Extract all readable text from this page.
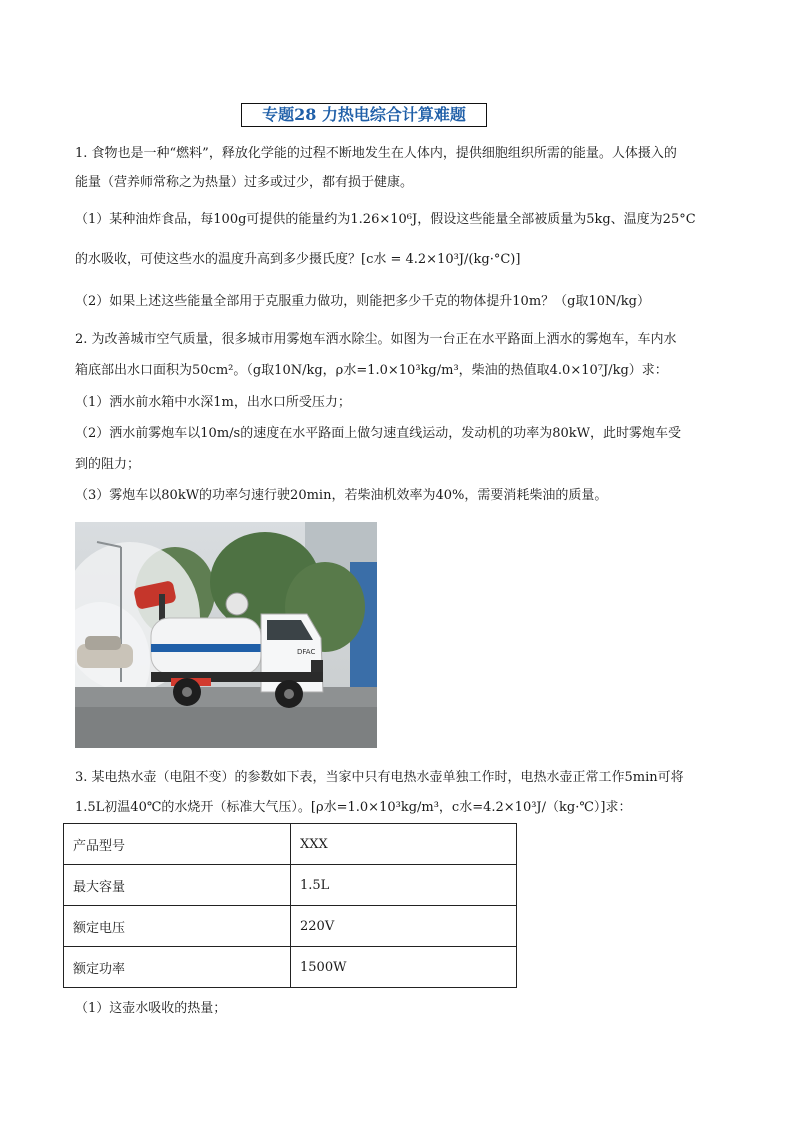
专题28 力热电综合计算难题
1. 食物也是一种“燃料”，释放化学能的过程不断地发生在人体内，提供细胞组织所需的能量。人体摄入的
能量（营养师常称之为热量）过多或过少，都有损于健康。
（1）某种油炸食品，每100g可提供的能量约为1.26×10⁶J，假设这些能量全部被质量为5kg、温度为25°C
的水吸收，可使这些水的温度升高到多少摄氏度？[c水 = 4.2×10³J/(kg·°C)]
（2）如果上述这些能量全部用于克服重力做功，则能把多少千克的物体提升10m？（g取10N/kg）
2. 为改善城市空气质量，很多城市用雾炮车洒水除尘。如图为一台正在水平路面上洒水的雾炮车，车内水
箱底部出水口面积为50cm²。（g取10N/kg，ρ水=1.0×10³kg/m³，柴油的热值取4.0×10⁷J/kg）求：
（1）洒水前水箱中水深1m，出水口所受压力；
（2）洒水前雾炮车以10m/s的速度在水平路面上做匀速直线运动，发动机的功率为80kW，此时雾炮车受
到的阻力；
（3）雾炮车以80kW的功率匀速行驶20min，若柴油机效率为40%，需要消耗柴油的质量。
DFAC
3. 某电热水壶（电阻不变）的参数如下表，当家中只有电热水壶单独工作时，电热水壶正常工作5min可将
1.5L初温40℃的水烧开（标准大气压）。[ρ水=1.0×10³kg/m³，c水=4.2×10³J/（kg·℃）]求：
产品型号	XXX
最大容量	1.5L
额定电压	220V
额定功率	1500W
（1）这壶水吸收的热量；
